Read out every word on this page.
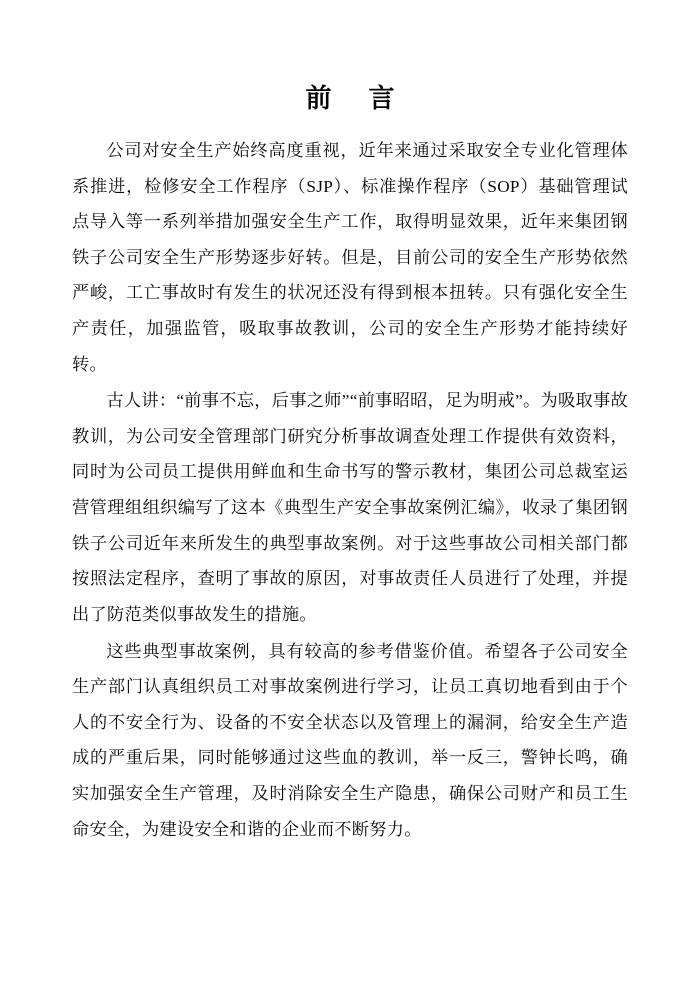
前 言

公司对安全生产始终高度重视，近年来通过采取安全专业化管理体系推进，检修安全工作程序（SJP）、标准操作程序（SOP）基础管理试点导入等一系列举措加强安全生产工作，取得明显效果，近年来集团钢铁子公司安全生产形势逐步好转。但是，目前公司的安全生产形势依然严峻，工亡事故时有发生的状况还没有得到根本扭转。只有强化安全生产责任，加强监管，吸取事故教训，公司的安全生产形势才能持续好转。

古人讲：“前事不忘，后事之师”“前事昭昭，足为明戒”。为吸取事故教训，为公司安全管理部门研究分析事故调查处理工作提供有效资料，同时为公司员工提供用鲜血和生命书写的警示教材，集团公司总裁室运营管理组组织编写了这本《典型生产安全事故案例汇编》，收录了集团钢铁子公司近年来所发生的典型事故案例。对于这些事故公司相关部门都按照法定程序，查明了事故的原因，对事故责任人员进行了处理，并提出了防范类似事故发生的措施。

这些典型事故案例，具有较高的参考借鉴价值。希望各子公司安全生产部门认真组织员工对事故案例进行学习，让员工真切地看到由于个人的不安全行为、设备的不安全状态以及管理上的漏洞，给安全生产造成的严重后果，同时能够通过这些血的教训，举一反三，警钟长鸣，确实加强安全生产管理，及时消除安全生产隐患，确保公司财产和员工生命安全，为建设安全和谐的企业而不断努力。
